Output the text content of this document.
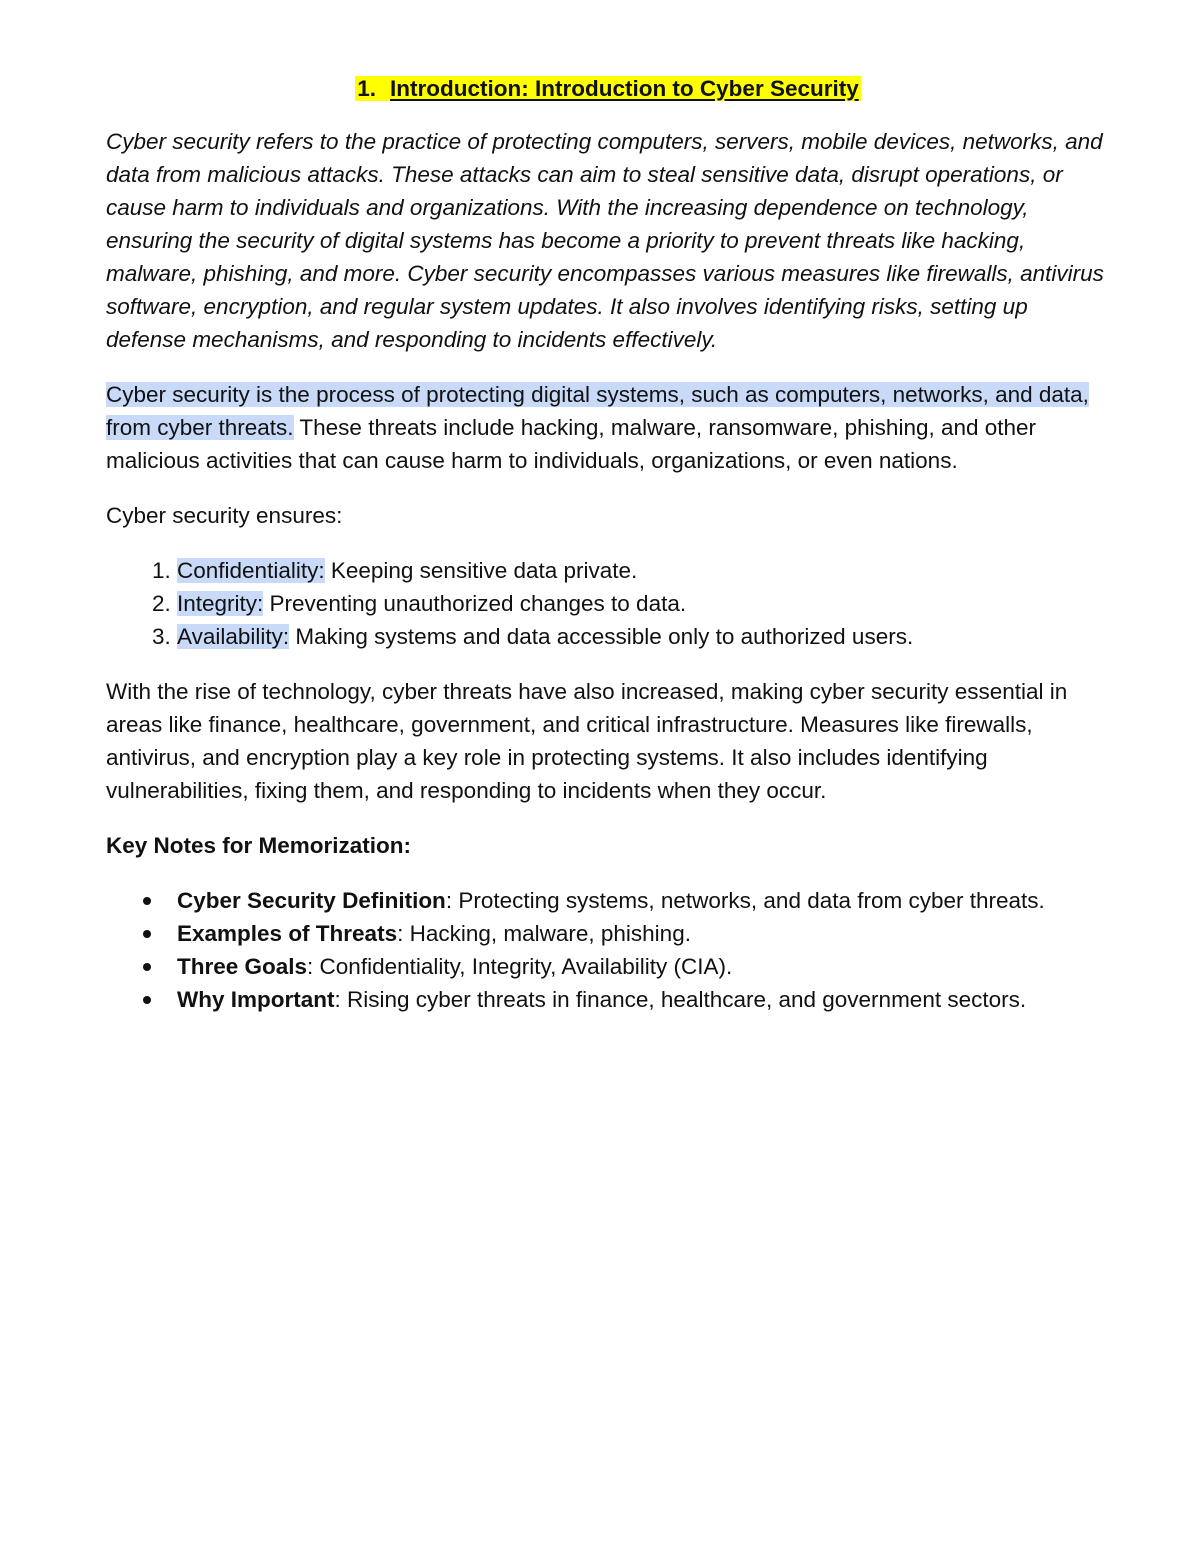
1. Introduction: Introduction to Cyber Security

Cyber security refers to the practice of protecting computers, servers, mobile devices, networks, and data from malicious attacks. These attacks can aim to steal sensitive data, disrupt operations, or cause harm to individuals and organizations. With the increasing dependence on technology, ensuring the security of digital systems has become a priority to prevent threats like hacking, malware, phishing, and more. Cyber security encompasses various measures like firewalls, antivirus software, encryption, and regular system updates. It also involves identifying risks, setting up defense mechanisms, and responding to incidents effectively.

Cyber security is the process of protecting digital systems, such as computers, networks, and data, from cyber threats. These threats include hacking, malware, ransomware, phishing, and other malicious activities that can cause harm to individuals, organizations, or even nations.

Cyber security ensures:

1. Confidentiality: Keeping sensitive data private.
2. Integrity: Preventing unauthorized changes to data.
3. Availability: Making systems and data accessible only to authorized users.

With the rise of technology, cyber threats have also increased, making cyber security essential in areas like finance, healthcare, government, and critical infrastructure. Measures like firewalls, antivirus, and encryption play a key role in protecting systems. It also includes identifying vulnerabilities, fixing them, and responding to incidents when they occur.

Key Notes for Memorization:

Cyber Security Definition: Protecting systems, networks, and data from cyber threats.
Examples of Threats: Hacking, malware, phishing.
Three Goals: Confidentiality, Integrity, Availability (CIA).
Why Important: Rising cyber threats in finance, healthcare, and government sectors.
